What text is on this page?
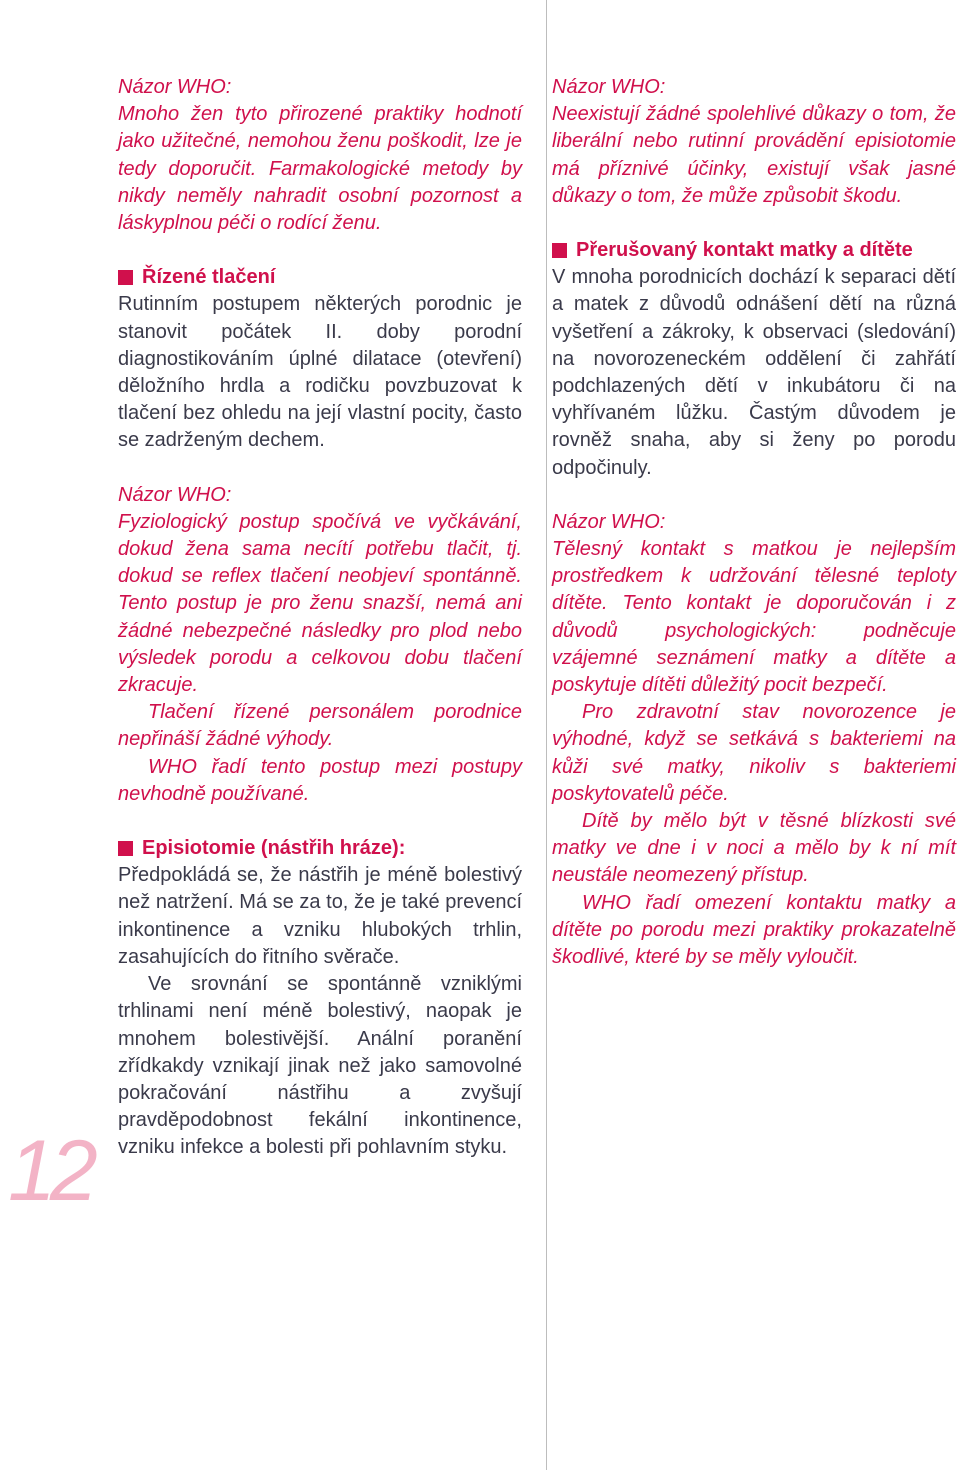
12

Názor WHO:

Mnoho žen tyto přirozené praktiky hodnotí jako užitečné, nemohou ženu poškodit, lze je tedy doporučit. Farmakologické metody by nikdy neměly nahradit osobní pozornost a láskyplnou péči o rodící ženu.

Řízené tlačení

Rutinním postupem některých porodnic je stanovit počátek II. doby porodní diagnostikováním úplné dilatace (otevření) děložního hrdla a rodičku povzbuzovat k tlačení bez ohledu na její vlastní pocity, často se zadrženým dechem.

Názor WHO:

Fyziologický postup spočívá ve vyčkávání, dokud žena sama necítí potřebu tlačit, tj. dokud se reflex tlačení neobjeví spontánně. Tento postup je pro ženu snazší, nemá ani žádné nebezpečné následky pro plod nebo výsledek porodu a celkovou dobu tlačení zkracuje.

Tlačení řízené personálem porodnice nepřináší žádné výhody.

WHO řadí tento postup mezi postupy nevhodně používané.

Episiotomie (nástřih hráze):

Předpokládá se, že nástřih je méně bolestivý než natržení. Má se za to, že je také prevencí inkontinence a vzniku hlubokých trhlin, zasahujících do řitního svěrače.

Ve srovnání se spontánně vzniklými trhlinami není méně bolestivý, naopak je mnohem bolestivější. Anální poranění zřídkakdy vznikají jinak než jako samovolné pokračování nástřihu a zvyšují pravděpodobnost fekální inkontinence, vzniku infekce a bolesti při pohlavním styku.

Názor WHO:

Neexistují žádné spolehlivé důkazy o tom, že liberální nebo rutinní provádění episiotomie má příznivé účinky, existují však jasné důkazy o tom, že může způsobit škodu.

Přerušovaný kontakt matky a dítěte

V mnoha porodnicích dochází k separaci dětí a matek z důvodů odnášení dětí na různá vyšetření a zákroky, k observaci (sledování) na novorozeneckém oddělení či zahřátí podchlazených dětí v inkubátoru či na vyhřívaném lůžku. Častým důvodem je rovněž snaha, aby si ženy po porodu odpočinuly.

Názor WHO:

Tělesný kontakt s matkou je nejlepším prostředkem k udržování tělesné teploty dítěte. Tento kontakt je doporučován i z důvodů psychologických: podněcuje vzájemné seznámení matky a dítěte a poskytuje dítěti důležitý pocit bezpečí.

Pro zdravotní stav novorozence je výhodné, když se setkává s bakteriemi na kůži své matky, nikoliv s bakteriemi poskytovatelů péče.

Dítě by mělo být v těsné blízkosti své matky ve dne i v noci a mělo by k ní mít neustále neomezený přístup.

WHO řadí omezení kontaktu matky a dítěte po porodu mezi praktiky prokazatelně škodlivé, které by se měly vyloučit.
